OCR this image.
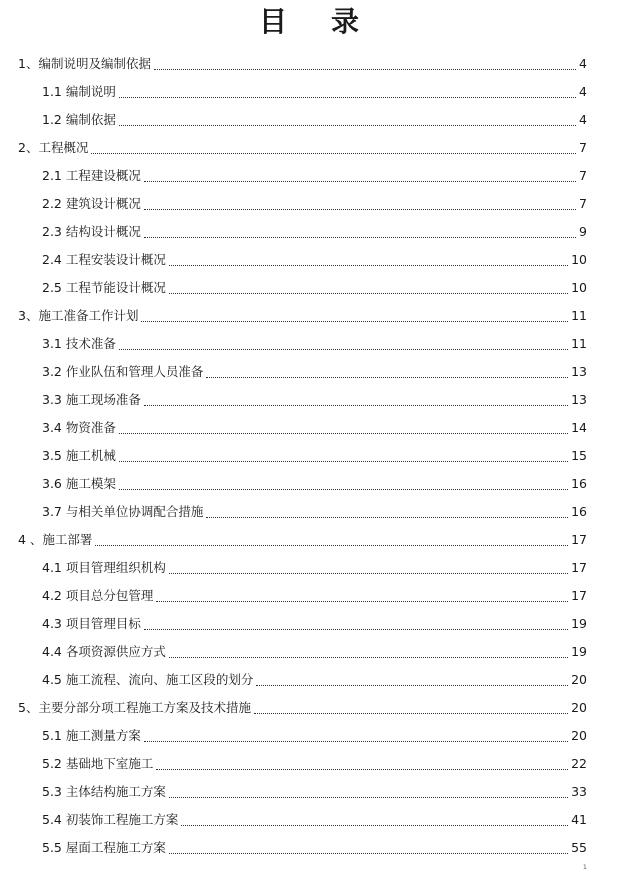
目 录
1、编制说明及编制依据	4
1.1 编制说明	4
1.2 编制依据	4
2、工程概况	7
2.1 工程建设概况	7
2.2 建筑设计概况	7
2.3 结构设计概况	9
2.4 工程安装设计概况	10
2.5 工程节能设计概况	10
3、施工准备工作计划	11
3.1 技术准备	11
3.2 作业队伍和管理人员准备	13
3.3 施工现场准备	13
3.4 物资准备	14
3.5 施工机械	15
3.6 施工模架	16
3.7 与相关单位协调配合措施	16
4 、施工部署	17
4.1 项目管理组织机构	17
4.2 项目总分包管理	17
4.3 项目管理目标	19
4.4 各项资源供应方式	19
4.5 施工流程、流向、施工区段的划分	20
5、主要分部分项工程施工方案及技术措施	20
5.1 施工测量方案	20
5.2 基础地下室施工	22
5.3 主体结构施工方案	33
5.4 初装饰工程施工方案	41
5.5 屋面工程施工方案	55
1
